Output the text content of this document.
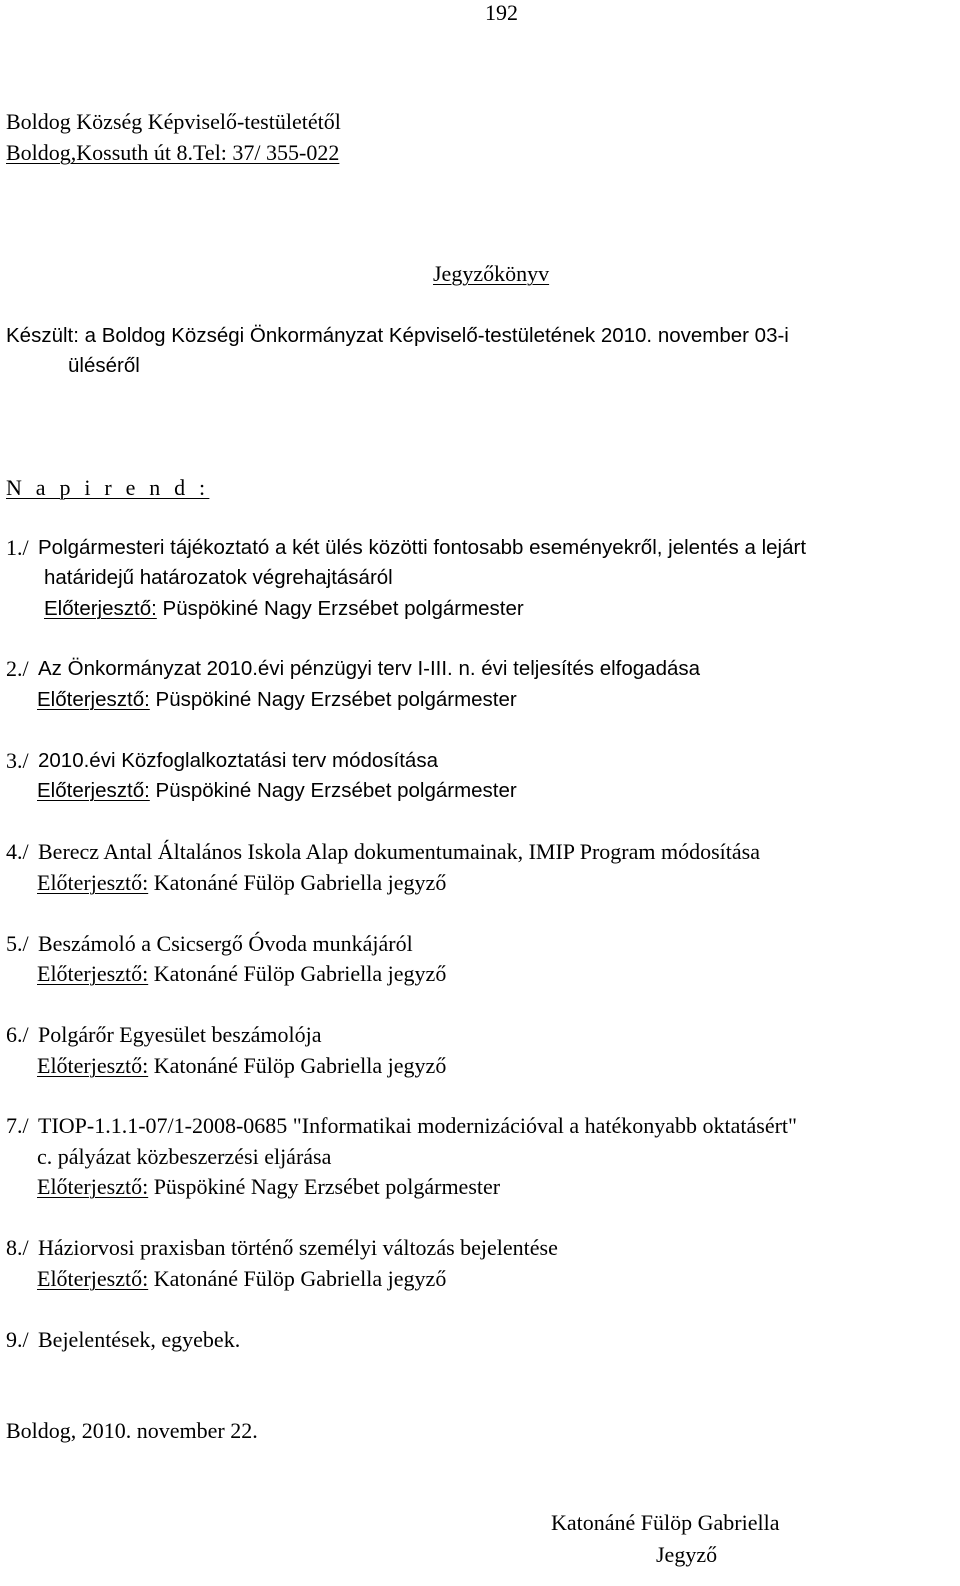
192
Boldog Község Képviselő-testületétől
Boldog,Kossuth út 8.Tel: 37/ 355-022
Jegyzőkönyv
Készült: a Boldog Községi Önkormányzat Képviselő-testületének 2010. november 03-i
üléséről
N a p i r e n d :
1./ Polgármesteri tájékoztató a két ülés közötti fontosabb eseményekről, jelentés a lejárt
határidejű határozatok végrehajtásáról
Előterjesztő: Püspökiné Nagy Erzsébet polgármester
2./ Az Önkormányzat 2010.évi pénzügyi terv I-III. n. évi teljesítés elfogadása
Előterjesztő: Püspökiné Nagy Erzsébet polgármester
3./ 2010.évi Közfoglalkoztatási terv módosítása
Előterjesztő: Püspökiné Nagy Erzsébet polgármester
4./ Berecz Antal Általános Iskola Alap dokumentumainak, IMIP Program módosítása
Előterjesztő: Katonáné Fülöp Gabriella jegyző
5./ Beszámoló a Csicsergő Óvoda munkájáról
Előterjesztő: Katonáné Fülöp Gabriella jegyző
6./ Polgárőr Egyesület beszámolója
Előterjesztő: Katonáné Fülöp Gabriella jegyző
7./ TIOP-1.1.1-07/1-2008-0685 "Informatikai modernizációval a hatékonyabb oktatásért"
c. pályázat közbeszerzési eljárása
Előterjesztő: Püspökiné Nagy Erzsébet polgármester
8./ Háziorvosi praxisban történő személyi változás bejelentése
Előterjesztő: Katonáné Fülöp Gabriella jegyző
9./ Bejelentések, egyebek.
Boldog, 2010. november 22.
Katonáné Fülöp Gabriella
Jegyző
